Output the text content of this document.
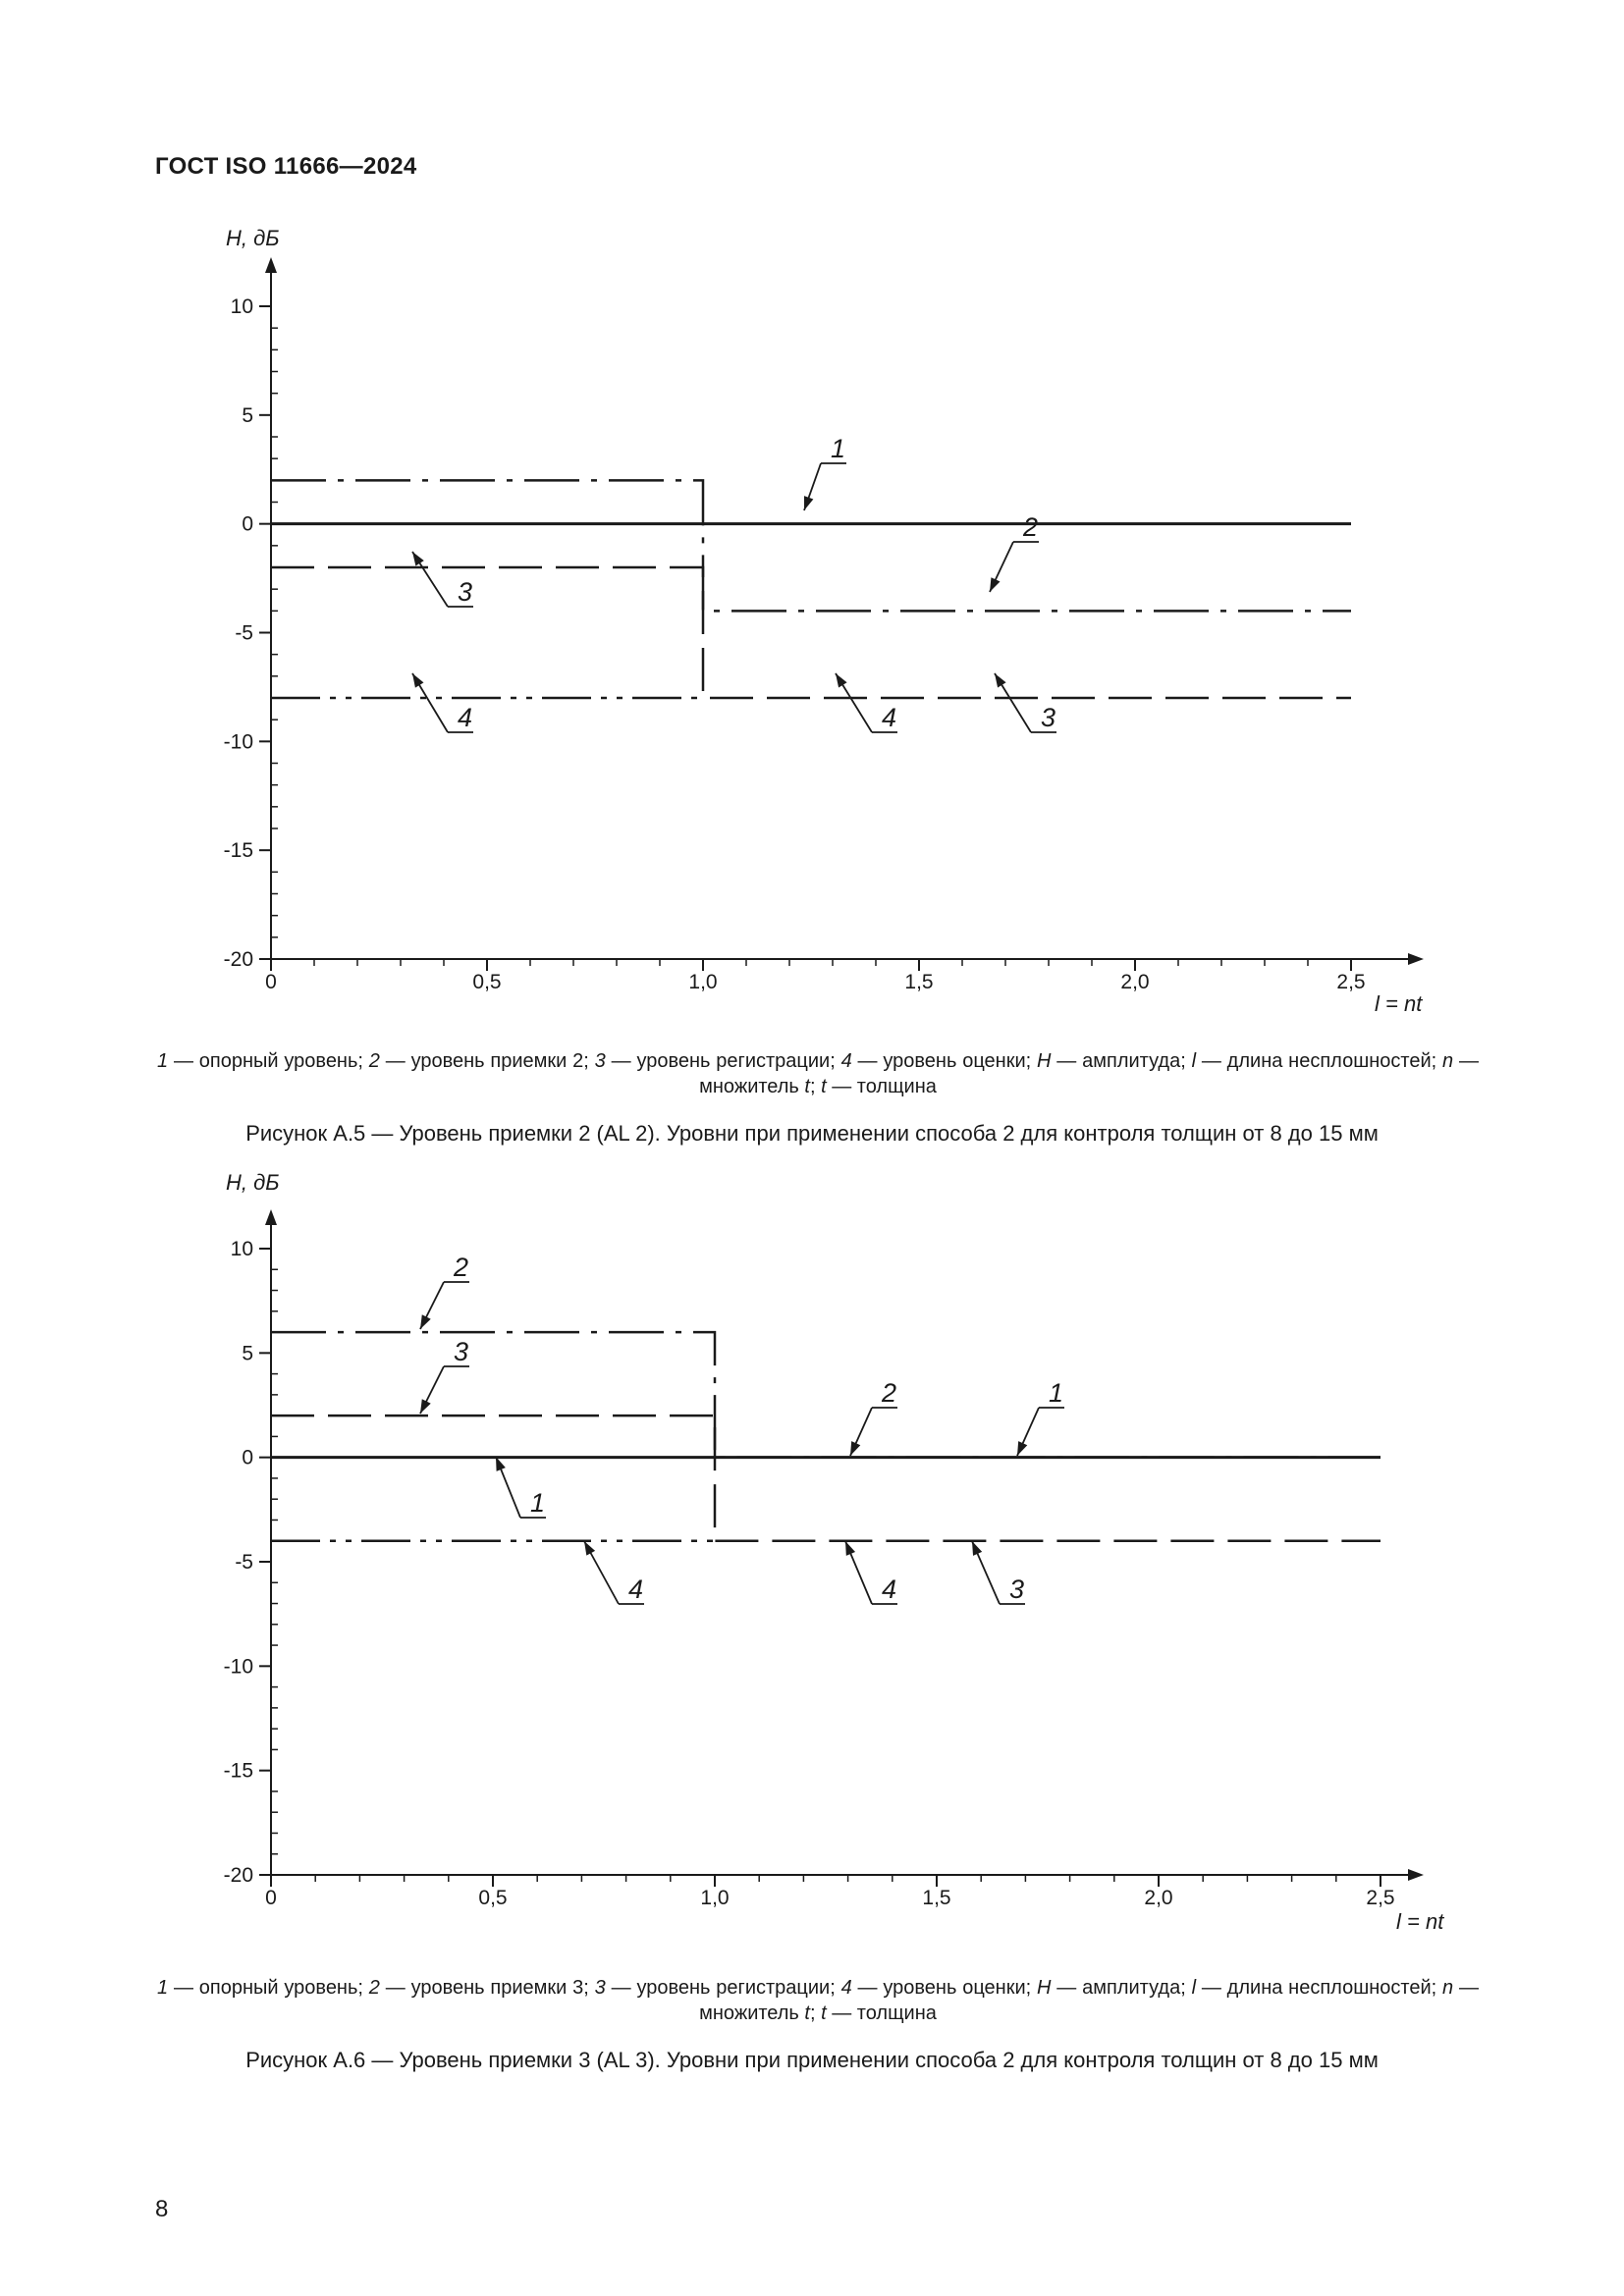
ГОСТ ISO 11666—2024
10
5
0
-5
-10
-15
-20
0	0,5	1,0	1,5	2,0	2,5
H, дБ
l = nt
1
2
3
4	4	3
1 — опорный уровень; 2 — уровень приемки 2; 3 — уровень регистрации; 4 — уровень оценки; H — амплитуда; l — длина несплошностей; n — множитель t; t — толщина
Рисунок А.5 — Уровень приемки 2 (AL 2). Уровни при применении способа 2 для контроля толщин от 8 до 15 мм
10
5
0
-5
-10
-15
-20
0	0,5	1,0	1,5	2,0	2,5
H, дБ
l = nt
2
3
2	1
1
4	4	3
1 — опорный уровень; 2 — уровень приемки 3; 3 — уровень регистрации; 4 — уровень оценки; H — амплитуда; l — длина несплошностей; n — множитель t; t — толщина
Рисунок А.6 — Уровень приемки 3 (AL 3). Уровни при применении способа 2 для контроля толщин от 8 до 15 мм
8
